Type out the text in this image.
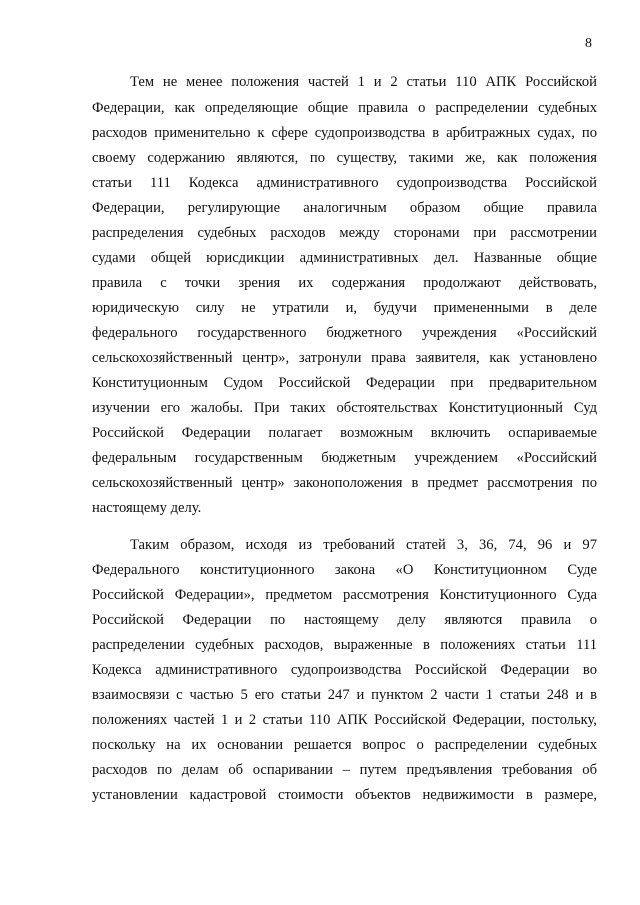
8
Тем не менее положения частей 1 и 2 статьи 110 АПК Российской
Федерации, как определяющие общие правила о распределении судебных
расходов применительно к сфере судопроизводства в арбитражных судах, по
своему содержанию являются, по существу, такими же, как положения
статьи 111 Кодекса административного судопроизводства Российской
Федерации, регулирующие аналогичным образом общие правила
распределения судебных расходов между сторонами при рассмотрении
судами общей юрисдикции административных дел. Названные общие
правила с точки зрения их содержания продолжают действовать,
юридическую силу не утратили и, будучи примененными в деле
федерального государственного бюджетного учреждения «Российский
сельскохозяйственный центр», затронули права заявителя, как установлено
Конституционным Судом Российской Федерации при предварительном
изучении его жалобы. При таких обстоятельствах Конституционный Суд
Российской Федерации полагает возможным включить оспариваемые
федеральным государственным бюджетным учреждением «Российский
сельскохозяйственный центр» законоположения в предмет рассмотрения по
настоящему делу.
Таким образом, исходя из требований статей 3, 36, 74, 96 и 97
Федерального конституционного закона «О Конституционном Суде
Российской Федерации», предметом рассмотрения Конституционного Суда
Российской Федерации по настоящему делу являются правила о
распределении судебных расходов, выраженные в положениях статьи 111
Кодекса административного судопроизводства Российской Федерации во
взаимосвязи с частью 5 его статьи 247 и пунктом 2 части 1 статьи 248 и в
положениях частей 1 и 2 статьи 110 АПК Российской Федерации, постольку,
поскольку на их основании решается вопрос о распределении судебных
расходов по делам об оспаривании – путем предъявления требования об
установлении кадастровой стоимости объектов недвижимости в размере,
